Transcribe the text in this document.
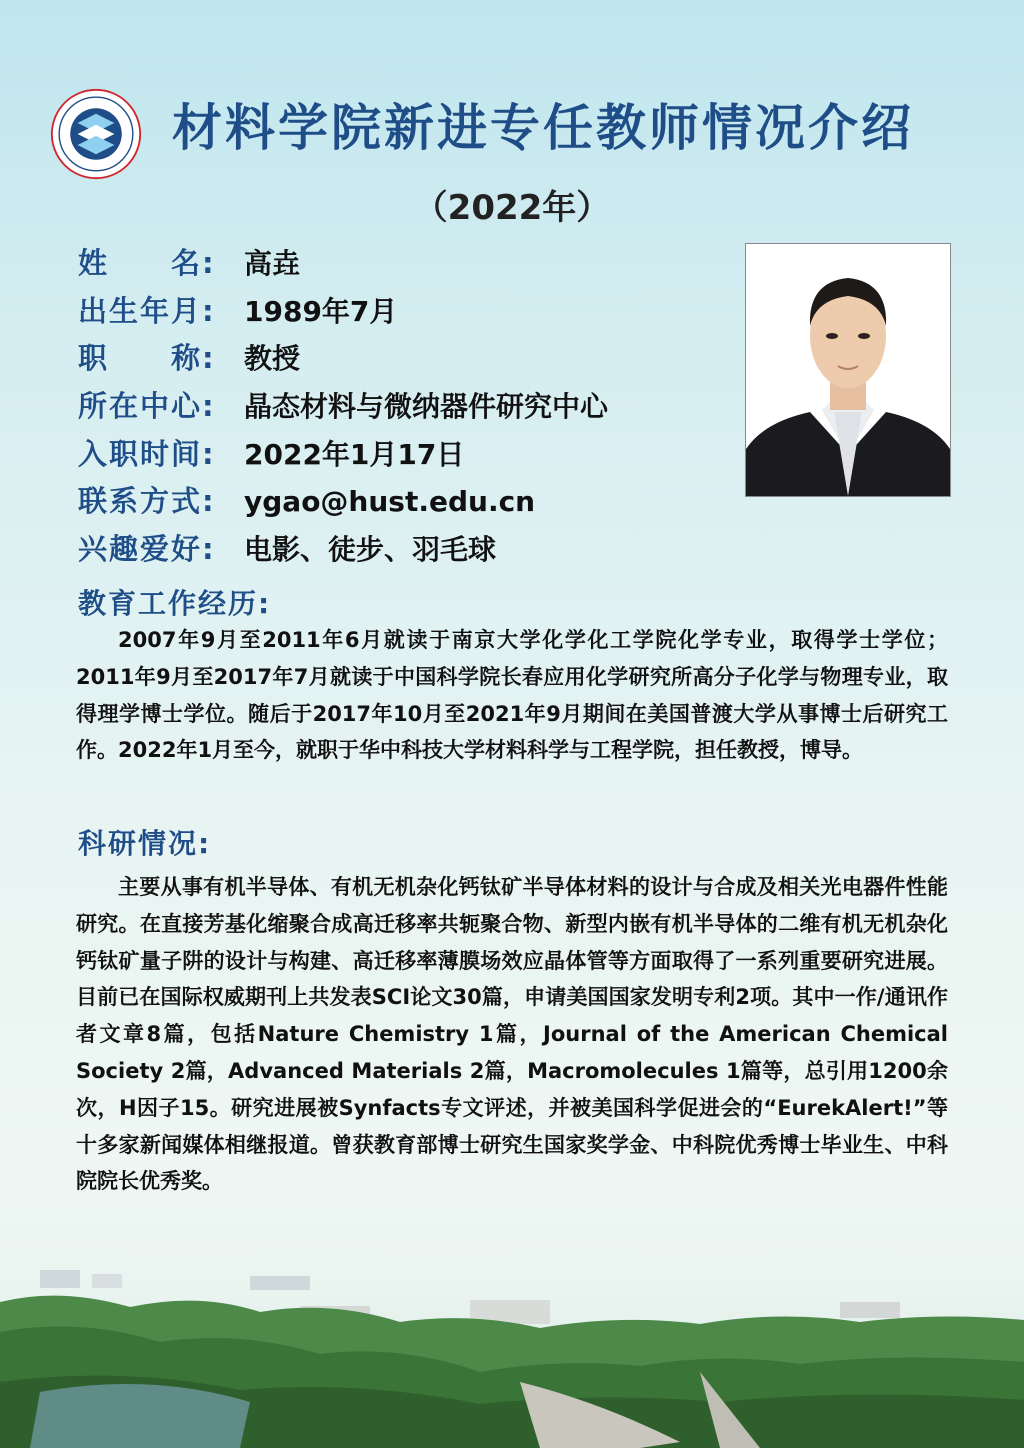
材料学院新进专任教师情况介绍
（2022年）
姓　　名: 高垚
出生年月: 1989年7月
职　　称: 教授
所在中心: 晶态材料与微纳器件研究中心
入职时间: 2022年1月17日
联系方式: ygao@hust.edu.cn
兴趣爱好: 电影、徒步、羽毛球
教育工作经历:

2007年9月至2011年6月就读于南京大学化学化工学院化学专业，取得学士学位；2011年9月至2017年7月就读于中国科学院长春应用化学研究所高分子化学与物理专业，取得理学博士学位。随后于2017年10月至2021年9月期间在美国普渡大学从事博士后研究工作。2022年1月至今，就职于华中科技大学材料科学与工程学院，担任教授，博导。

科研情况:

主要从事有机半导体、有机无机杂化钙钛矿半导体材料的设计与合成及相关光电器件性能研究。在直接芳基化缩聚合成高迁移率共轭聚合物、新型内嵌有机半导体的二维有机无机杂化钙钛矿量子阱的设计与构建、高迁移率薄膜场效应晶体管等方面取得了一系列重要研究进展。目前已在国际权威期刊上共发表SCI论文30篇，申请美国国家发明专利2项。其中一作/通讯作者文章8篇，包括Nature Chemistry 1篇，Journal of the American Chemical Society 2篇，Advanced Materials 2篇，Macromolecules 1篇等，总引用1200余次，H因子15。研究进展被Synfacts专文评述，并被美国科学促进会的“EurekAlert!”等十多家新闻媒体相继报道。曾获教育部博士研究生国家奖学金、中科院优秀博士毕业生、中科院院长优秀奖。
